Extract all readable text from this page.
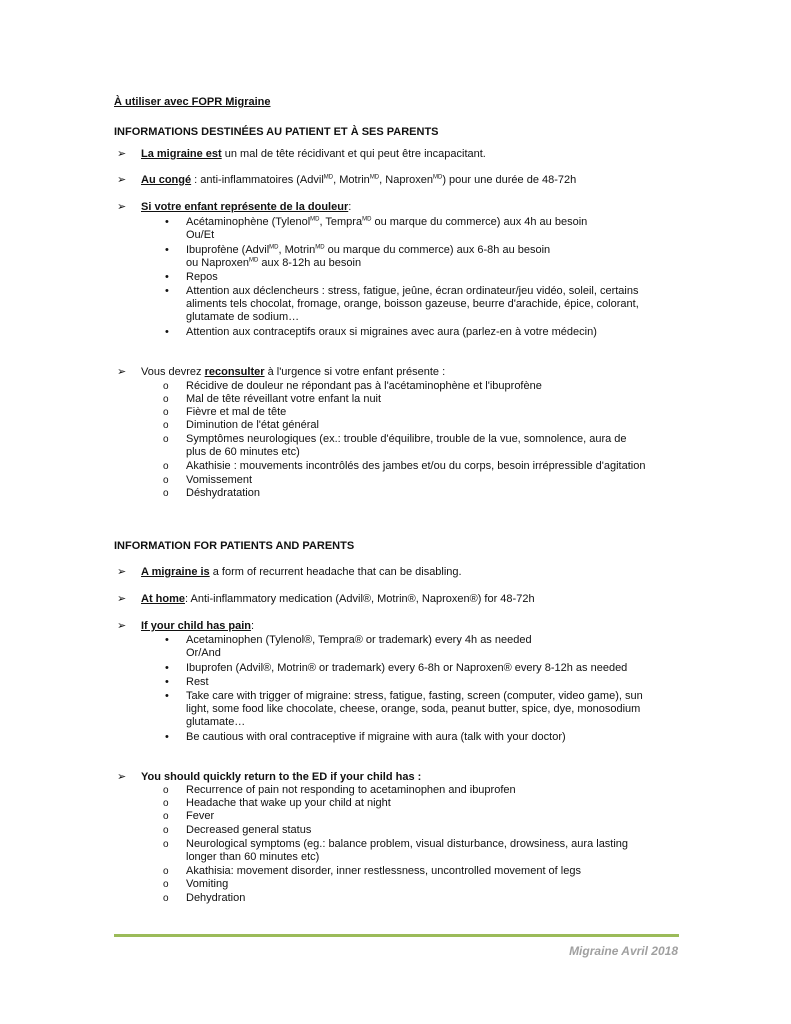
À utiliser avec FOPR Migraine
INFORMATIONS DESTINÉES AU PATIENT ET À SES PARENTS
➢ La migraine est un mal de tête récidivant et qui peut être incapacitant.
➢ Au congé : anti-inflammatoires (Advil$^{MD}$, Motrin$^{MD}$, Naproxen$^{MD}$) pour une durée de 48-72h
➢ Si votre enfant représente de la douleur:
• Acétaminophène (Tylenol$^{MD}$, Tempra$^{MD}$ ou marque du commerce) aux 4h au besoin
Ou/Et
• Ibuprofène (Advil$^{MD}$, Motrin$^{MD}$ ou marque du commerce) aux 6-8h au besoin
ou Naproxen$^{MD}$ aux 8-12h au besoin
• Repos
• Attention aux déclencheurs : stress, fatigue, jeûne, écran ordinateur/jeu vidéo, soleil, certains
aliments tels chocolat, fromage, orange, boisson gazeuse, beurre d'arachide, épice, colorant,
glutamate de sodium…
• Attention aux contraceptifs oraux si migraines avec aura (parlez-en à votre médecin)
➢ Vous devrez reconsulter à l'urgence si votre enfant présente :
o Récidive de douleur ne répondant pas à l'acétaminophène et l'ibuprofène
o Mal de tête réveillant votre enfant la nuit
o Fièvre et mal de tête
o Diminution de l'état général
o Symptômes neurologiques (ex.: trouble d'équilibre, trouble de la vue, somnolence, aura de
plus de 60 minutes etc)
o Akathisie : mouvements incontrôlés des jambes et/ou du corps, besoin irrépressible d'agitation
o Vomissement
o Déshydratation
INFORMATION FOR PATIENTS AND PARENTS
➢ A migraine is a form of recurrent headache that can be disabling.
➢ At home: Anti-inflammatory medication (Advil®, Motrin®, Naproxen®) for 48-72h
➢ If your child has pain:
• Acetaminophen (Tylenol®, Tempra® or trademark) every 4h as needed
Or/And
• Ibuprofen (Advil®, Motrin® or trademark) every 6-8h or Naproxen® every 8-12h as needed
• Rest
• Take care with trigger of migraine: stress, fatigue, fasting, screen (computer, video game), sun
light, some food like chocolate, cheese, orange, soda, peanut butter, spice, dye, monosodium
glutamate…
• Be cautious with oral contraceptive if migraine with aura (talk with your doctor)
➢ You should quickly return to the ED if your child has :
o Recurrence of pain not responding to acetaminophen and ibuprofen
o Headache that wake up your child at night
o Fever
o Decreased general status
o Neurological symptoms (eg.: balance problem, visual disturbance, drowsiness, aura lasting
longer than 60 minutes etc)
o Akathisia: movement disorder, inner restlessness, uncontrolled movement of legs
o Vomiting
o Dehydration
Migraine Avril 2018
